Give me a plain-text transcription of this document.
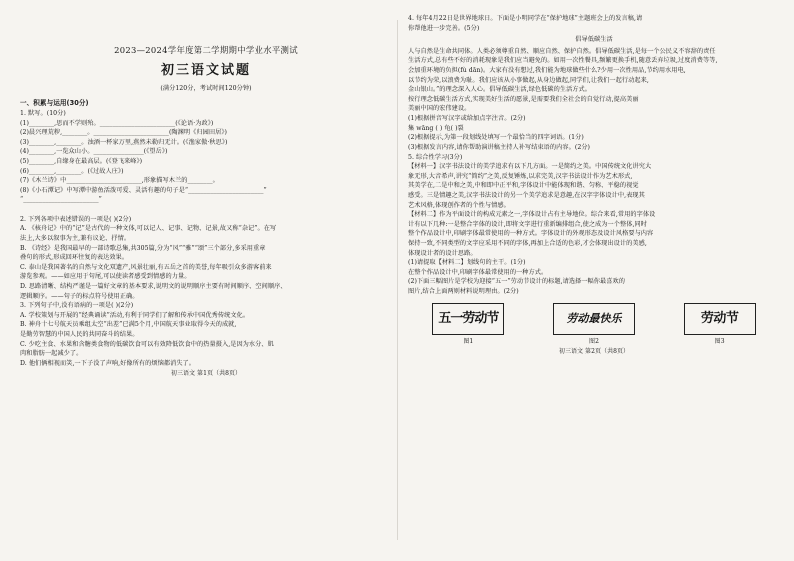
2023—2024学年度第二学期期中学业水平测试
初三语文试题
(满分120分，考试时间120分钟)
一、积累与运用(30分)
1. 默写。(10分)
(1)________,思而不学则殆。________________________(《论语·为政》)
(2)晨兴理荒秽,________。________________________(陶渊明《归园田居》)
(3)________,________。浊酒一杯家万里,燕然未勒归无计。(《渔家傲·秋思》)
(4)________,一览众山小。________________(《望岳》)
(5)________,自缘身在最高层。(《登飞来峰》)
(6)________,________。(《过故人庄》)
(7)《木兰诗》中________________________,形象描写木兰的________。
(8)《小石潭记》中写潭中游鱼活泼可爱、灵活有趣的句子是“________________________”
“________________________”

2. 下列各项中表述错误的一项是( )(2分)
A. 《核舟记》中的“记”是古代的一种文体,可以记人、记事、记物、记景,故又称“杂记”。在写
法上,大多以叙事为主,兼有议论、抒情。
B. 《诗经》是我国最早的一部诗歌总集,共305篇,分为“风”“雅”“颂”三个部分,多采用重章
叠句的形式,形成回环往复的表达效果。
C. 泰山是我国著名的自然与文化双遗产,风景壮丽,有五岳之首的美誉,每年吸引众多游客前来
游览参观。——如应用于句尾,可以使读者感受到情感的力量。
D. 思路清晰、结构严谨是一篇好文章的基本要求,说明文的说明顺序主要有时间顺序、空间顺序、
逻辑顺序。——句子的标点符号使用正确。
3. 下列句子中,没有语病的一项是( )(2分)
A. 学校策划与开展的“经典诵读”活动,有利于同学们了解和传承中国优秀传统文化。
B. 神舟十七号航天员乘组太空“出差”已满5个月,中国航天事业取得今天的成就,
是勤劳智慧的中国人民的共同奋斗的结果。
C. 少吃主食、水果和含糖类食物的低碳饮食可以有效降低饮食中的热量摄入,是因为水分、肌
肉和脂肪一起减少了。
D. 他们俩相视而笑,一下子没了声响,好像所有的烦恼都消失了。
初三语文 第1页（共8页）
4. 每年4月22日是世界地球日。下面是小明同学在“保护地球”主题班会上的发言稿,请
你帮他进一步完善。(5分)
倡导低碳生活
人与自然是生命共同体。人类必须尊重自然、顺应自然、保护自然。倡导低碳生活,是每一个公民义不容辞的责任
生活方式,总有些不好的消耗现象是我们应当避免的。如用一次性餐具,频繁更换手机,随意丢弃垃圾,过度消费等等,
会加重环境的负担(fù dān)。大家有没有想过,我们能为地球做些什么?少用一次性用品,节约用水用电,
以节约为荣,以浪费为耻。我们应该从小事做起,从身边做起,同学们,让我们一起行动起来,
金山银山。”的理念深入人心。倡导低碳生活,绿色低碳的生活方式。
按行理念低碳生活方式,实现美好生活的愿景,是需要我们全社会的自觉行动,提高美丽
美丽中国的宏伟建设。
(1)根据拼音写汉字或给加点字注音。(2分)
集 wāng ( ) 龟( )裂
(2)根据提示,为第一段划线处填写一个最恰当的四字词语。(1分)
(3)根据发言内容,请你帮助演讲稿主持人补写结束语的内容。(2分)
5. 综合性学习(3分)
【材料一】汉字书法设计的美学追求有以下几方面。一是简约之美。中国传统文化讲究大
象无形,大音希声,讲究“简约”之美,反复锤炼,以求完美,汉字书法设计作为艺术形式,
其美学在,二是中和之美,中和即中正平和,字体设计中能体现和谐、匀称、平稳的视觉
感受。三是情趣之美,汉字书法设计的另一个美学追求是意趣,在汉字字体设计中,表现其
艺术风格,体现创作者的个性与情感。
【材料二】作为平面设计的构成元素之一,字体设计占有主导地位。综合来看,常用的字体设
计有以下几种:一是整合字体的设计,即将文字进行重新编排组合,使之成为一个整体,同时
整个作品设计中,印刷字体最常使用的一种方式。字体设计的外观形态及设计风格要与内容
保持一致,不同类型的文字应采用不同的字体,再加上合适的色彩,才会体现出设计的美感,
体现设计者的设计思路。
(1)请提取【材料二】划线句的主干。(1分)
在整个作品设计中,印刷字体最常使用的一种方式。
(2)下面三幅图片是学校为迎接“五一”劳动节设计的标题,请选择一幅你最喜欢的
图片,结合上面两则材料说明理由。(2分)
五一劳动节
图1
劳动最快乐
图2
劳动节
图3
初三语文 第2页（共8页）
